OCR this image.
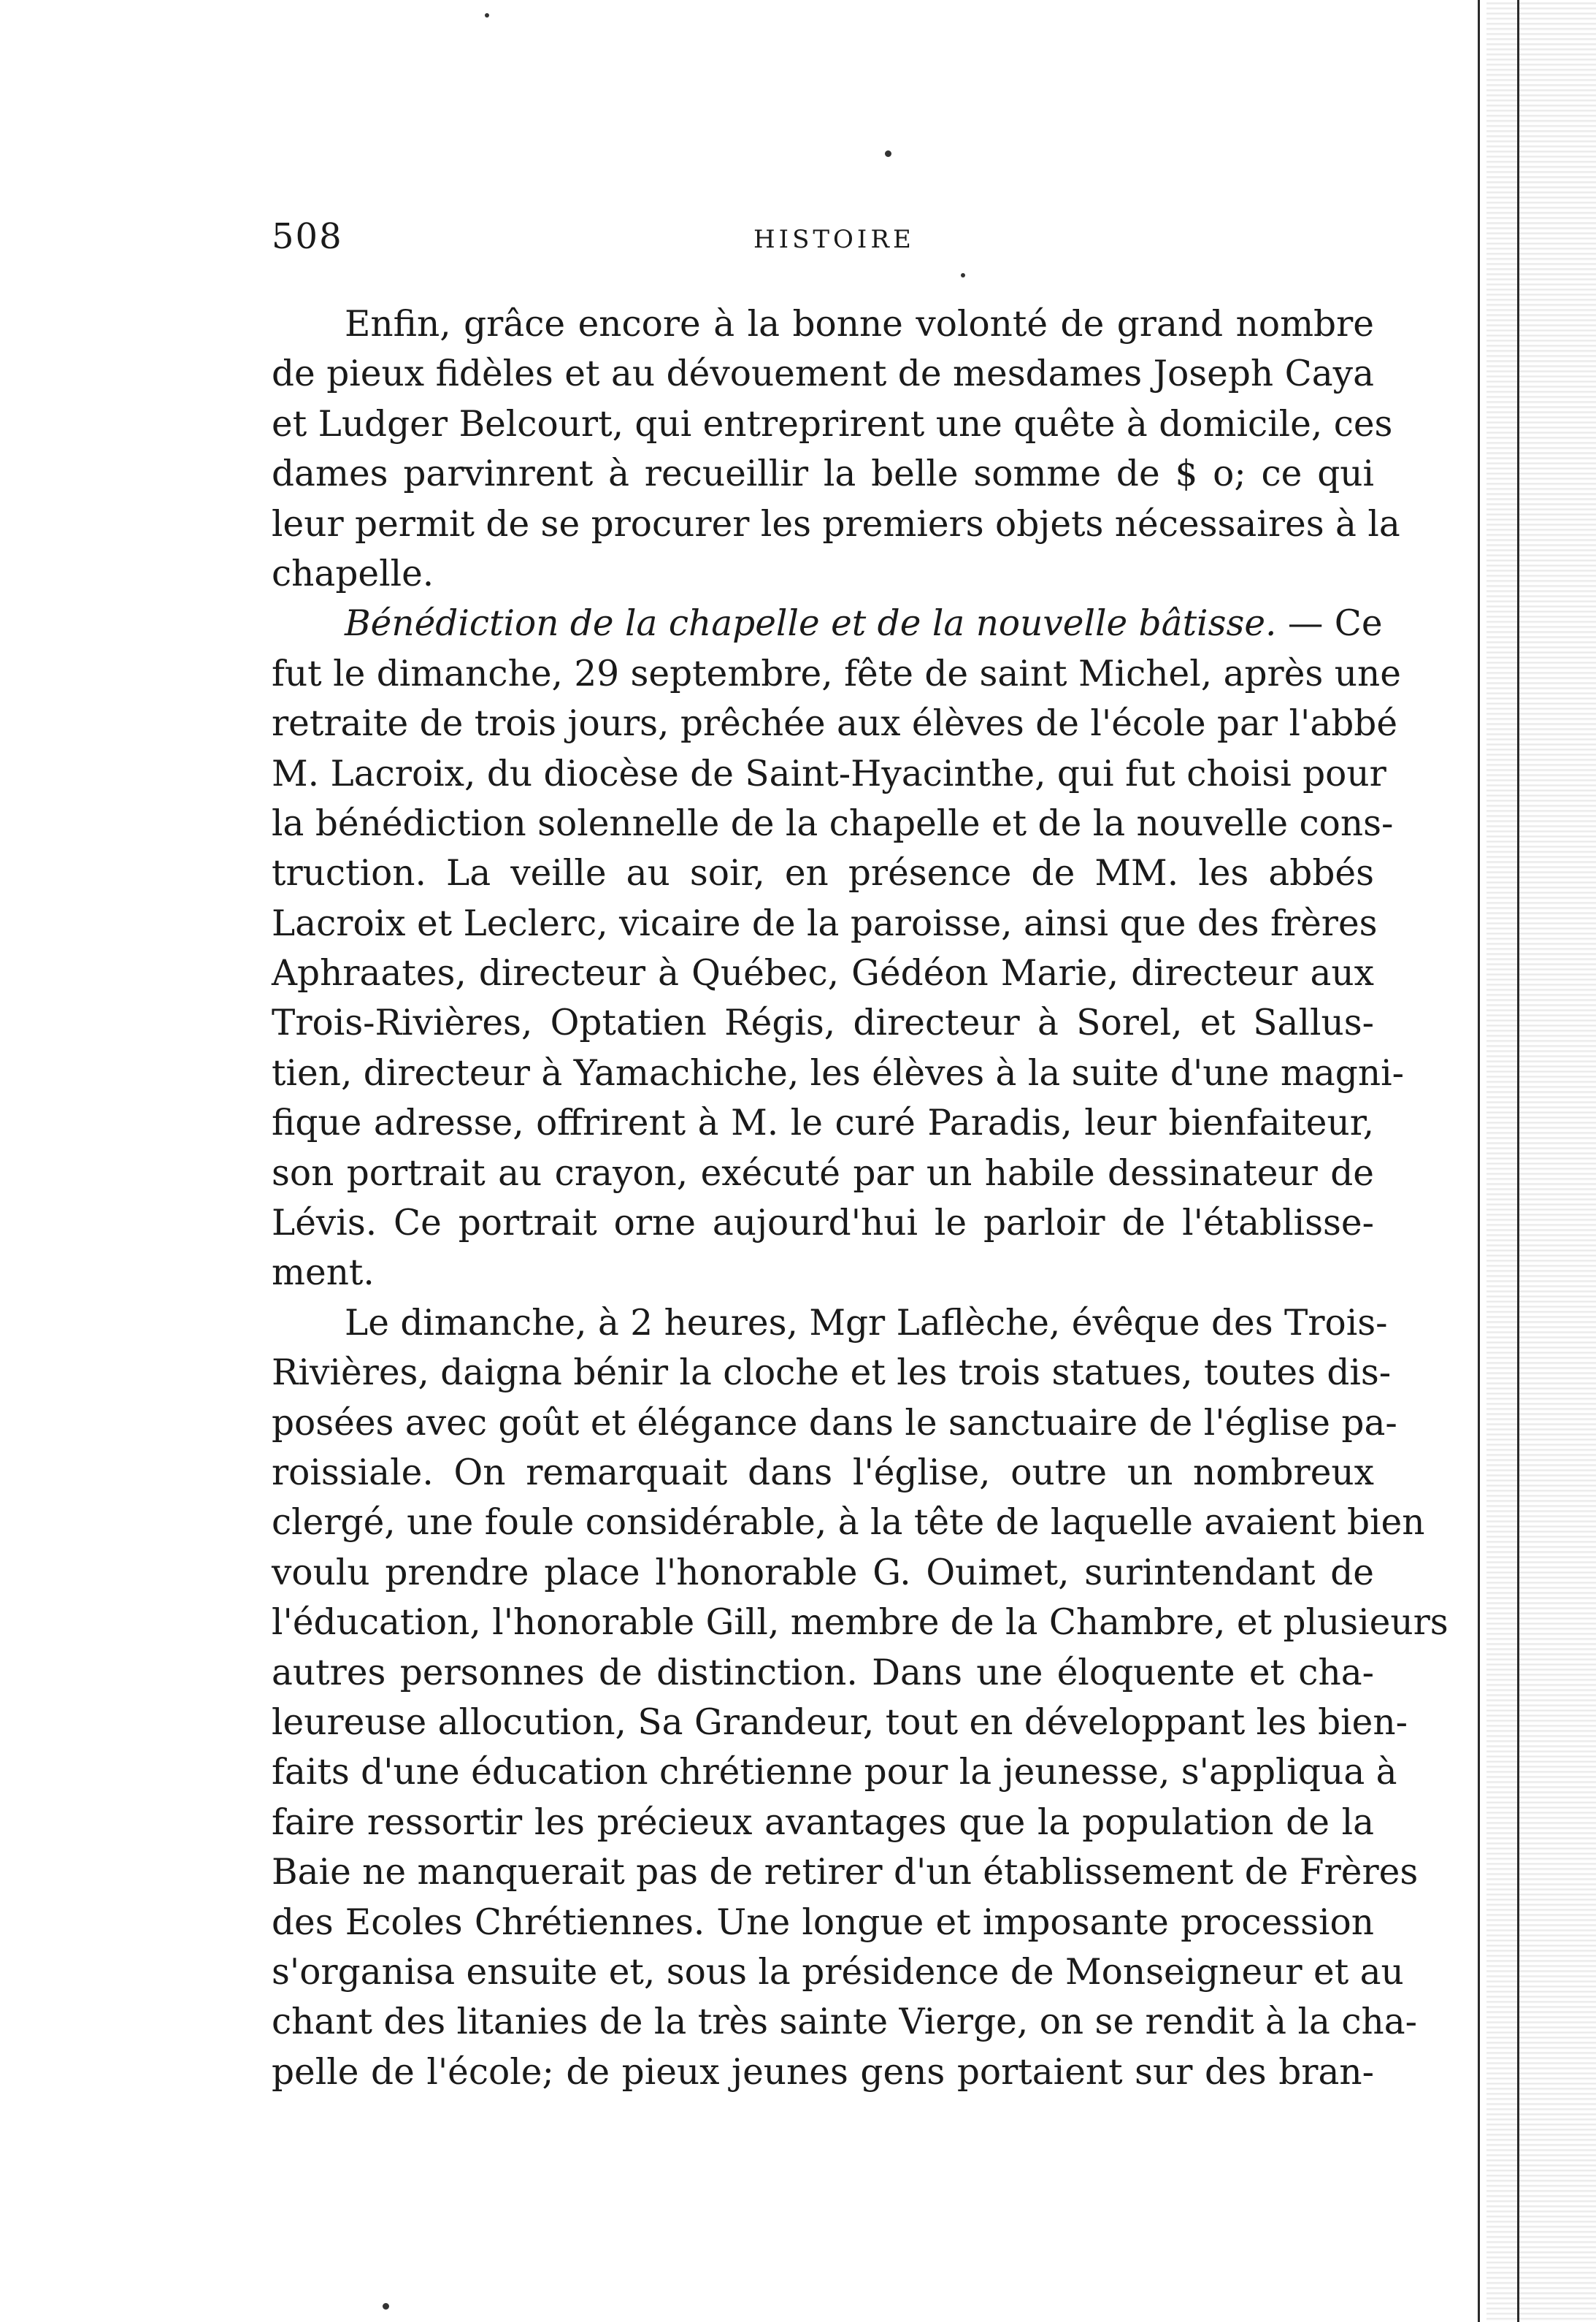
508	HISTOIRE
Enfin, grâce encore à la bonne volonté de grand nombre
de pieux fidèles et au dévouement de mesdames Joseph Caya
et Ludger Belcourt, qui entreprirent une quête à domicile, ces
dames parvinrent à recueillir la belle somme de $ o; ce qui
leur permit de se procurer les premiers objets nécessaires à la
chapelle.
Bénédiction de la chapelle et de la nouvelle bâtisse. — Ce
fut le dimanche, 29 septembre, fête de saint Michel, après une
retraite de trois jours, prêchée aux élèves de l'école par l'abbé
M. Lacroix, du diocèse de Saint-Hyacinthe, qui fut choisi pour
la bénédiction solennelle de la chapelle et de la nouvelle cons-
truction. La veille au soir, en présence de MM. les abbés
Lacroix et Leclerc, vicaire de la paroisse, ainsi que des frères
Aphraates, directeur à Québec, Gédéon Marie, directeur aux
Trois-Rivières, Optatien Régis, directeur à Sorel, et Sallus-
tien, directeur à Yamachiche, les élèves à la suite d'une magni-
fique adresse, offrirent à M. le curé Paradis, leur bienfaiteur,
son portrait au crayon, exécuté par un habile dessinateur de
Lévis. Ce portrait orne aujourd'hui le parloir de l'établisse-
ment.
Le dimanche, à 2 heures, Mgr Laflèche, évêque des Trois-
Rivières, daigna bénir la cloche et les trois statues, toutes dis-
posées avec goût et élégance dans le sanctuaire de l'église pa-
roissiale. On remarquait dans l'église, outre un nombreux
clergé, une foule considérable, à la tête de laquelle avaient bien
voulu prendre place l'honorable G. Ouimet, surintendant de
l'éducation, l'honorable Gill, membre de la Chambre, et plusieurs
autres personnes de distinction. Dans une éloquente et cha-
leureuse allocution, Sa Grandeur, tout en développant les bien-
faits d'une éducation chrétienne pour la jeunesse, s'appliqua à
faire ressortir les précieux avantages que la population de la
Baie ne manquerait pas de retirer d'un établissement de Frères
des Ecoles Chrétiennes. Une longue et imposante procession
s'organisa ensuite et, sous la présidence de Monseigneur et au
chant des litanies de la très sainte Vierge, on se rendit à la cha-
pelle de l'école; de pieux jeunes gens portaient sur des bran-
